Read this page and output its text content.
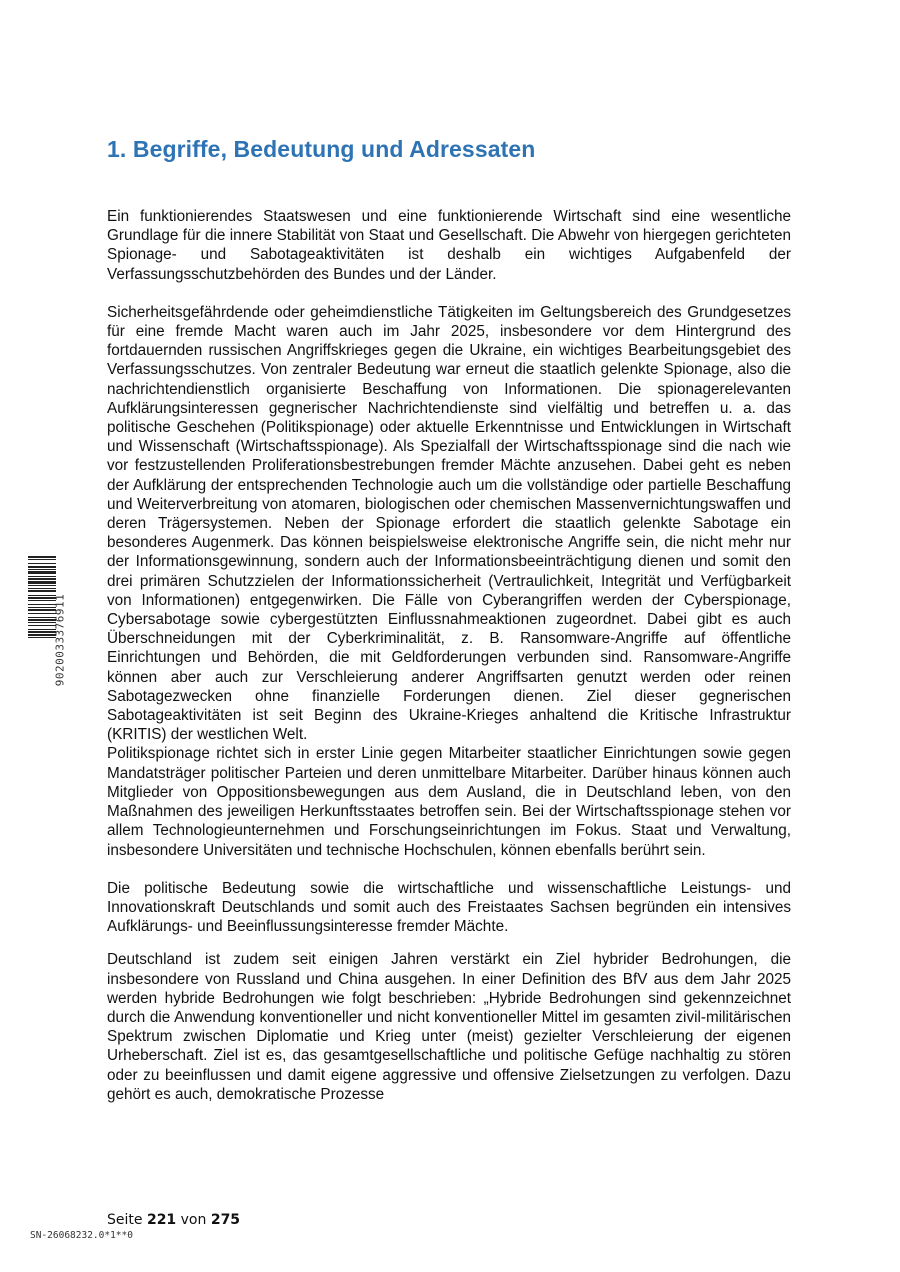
1. Begriffe, Bedeutung und Adressaten

Ein funktionierendes Staatswesen und eine funktionierende Wirtschaft sind eine wesentliche Grundlage für die innere Stabilität von Staat und Gesellschaft. Die Abwehr von hiergegen gerichteten Spionage- und Sabotageaktivitäten ist deshalb ein wichtiges Aufgabenfeld der Verfassungsschutzbehörden des Bundes und der Länder.

Sicherheitsgefährdende oder geheimdienstliche Tätigkeiten im Geltungsbereich des Grundgesetzes für eine fremde Macht waren auch im Jahr 2025, insbesondere vor dem Hintergrund des fortdauernden russischen Angriffskrieges gegen die Ukraine, ein wichtiges Bearbeitungsgebiet des Verfassungsschutzes. Von zentraler Bedeutung war erneut die staatlich gelenkte Spionage, also die nachrichtendienstlich organisierte Beschaffung von Informationen. Die spionagerelevanten Aufklärungsinteressen gegnerischer Nachrichtendienste sind vielfältig und betreffen u. a. das politische Geschehen (Politikspionage) oder aktuelle Erkenntnisse und Entwicklungen in Wirtschaft und Wissenschaft (Wirtschaftsspionage). Als Spezialfall der Wirtschaftsspionage sind die nach wie vor festzustellenden Proliferationsbestrebungen fremder Mächte anzusehen. Dabei geht es neben der Aufklärung der entsprechenden Technologie auch um die vollständige oder partielle Beschaffung und Weiterverbreitung von atomaren, biologischen oder chemischen Massenvernichtungswaffen und deren Trägersystemen. Neben der Spionage erfordert die staatlich gelenkte Sabotage ein besonderes Augenmerk. Das können beispielsweise elektronische Angriffe sein, die nicht mehr nur der Informationsgewinnung, sondern auch der Informationsbeeinträchtigung dienen und somit den drei primären Schutzzielen der Informationssicherheit (Vertraulichkeit, Integrität und Verfügbarkeit von Informationen) entgegenwirken. Die Fälle von Cyberangriffen werden der Cyberspionage, Cybersabotage sowie cybergestützten Einflussnahmeaktionen zugeordnet. Dabei gibt es auch Überschneidungen mit der Cyberkriminalität, z. B. Ransomware-Angriffe auf öffentliche Einrichtungen und Behörden, die mit Geldforderungen verbunden sind. Ransomware-Angriffe können aber auch zur Verschleierung anderer Angriffsarten genutzt werden oder reinen Sabotagezwecken ohne finanzielle Forderungen dienen. Ziel dieser gegnerischen Sabotageaktivitäten ist seit Beginn des Ukraine-Krieges anhaltend die Kritische Infrastruktur (KRITIS) der westlichen Welt.

Politikspionage richtet sich in erster Linie gegen Mitarbeiter staatlicher Einrichtungen sowie gegen Mandatsträger politischer Parteien und deren unmittelbare Mitarbeiter. Darüber hinaus können auch Mitglieder von Oppositionsbewegungen aus dem Ausland, die in Deutschland leben, von den Maßnahmen des jeweiligen Herkunftsstaates betroffen sein. Bei der Wirtschaftsspionage stehen vor allem Technologieunternehmen und Forschungseinrichtungen im Fokus. Staat und Verwaltung, insbesondere Universitäten und technische Hochschulen, können ebenfalls berührt sein.

Die politische Bedeutung sowie die wirtschaftliche und wissenschaftliche Leistungs- und Innovationskraft Deutschlands und somit auch des Freistaates Sachsen begründen ein intensives Aufklärungs- und Beeinflussungsinteresse fremder Mächte.

Deutschland ist zudem seit einigen Jahren verstärkt ein Ziel hybrider Bedrohungen, die insbesondere von Russland und China ausgehen. In einer Definition des BfV aus dem Jahr 2025 werden hybride Bedrohungen wie folgt beschrieben: „Hybride Bedrohungen sind gekennzeichnet durch die Anwendung konventioneller und nicht konventioneller Mittel im gesamten zivil-militärischen Spektrum zwischen Diplomatie und Krieg unter (meist) gezielter Verschleierung der eigenen Urheberschaft. Ziel ist es, das gesamtgesellschaftliche und politische Gefüge nachhaltig zu stören oder zu beeinflussen und damit eigene aggressive und offensive Zielsetzungen zu verfolgen. Dazu gehört es auch, demokratische Prozesse

9020033376911
Seite 221 von 275
SN-26068232.0*1**0
